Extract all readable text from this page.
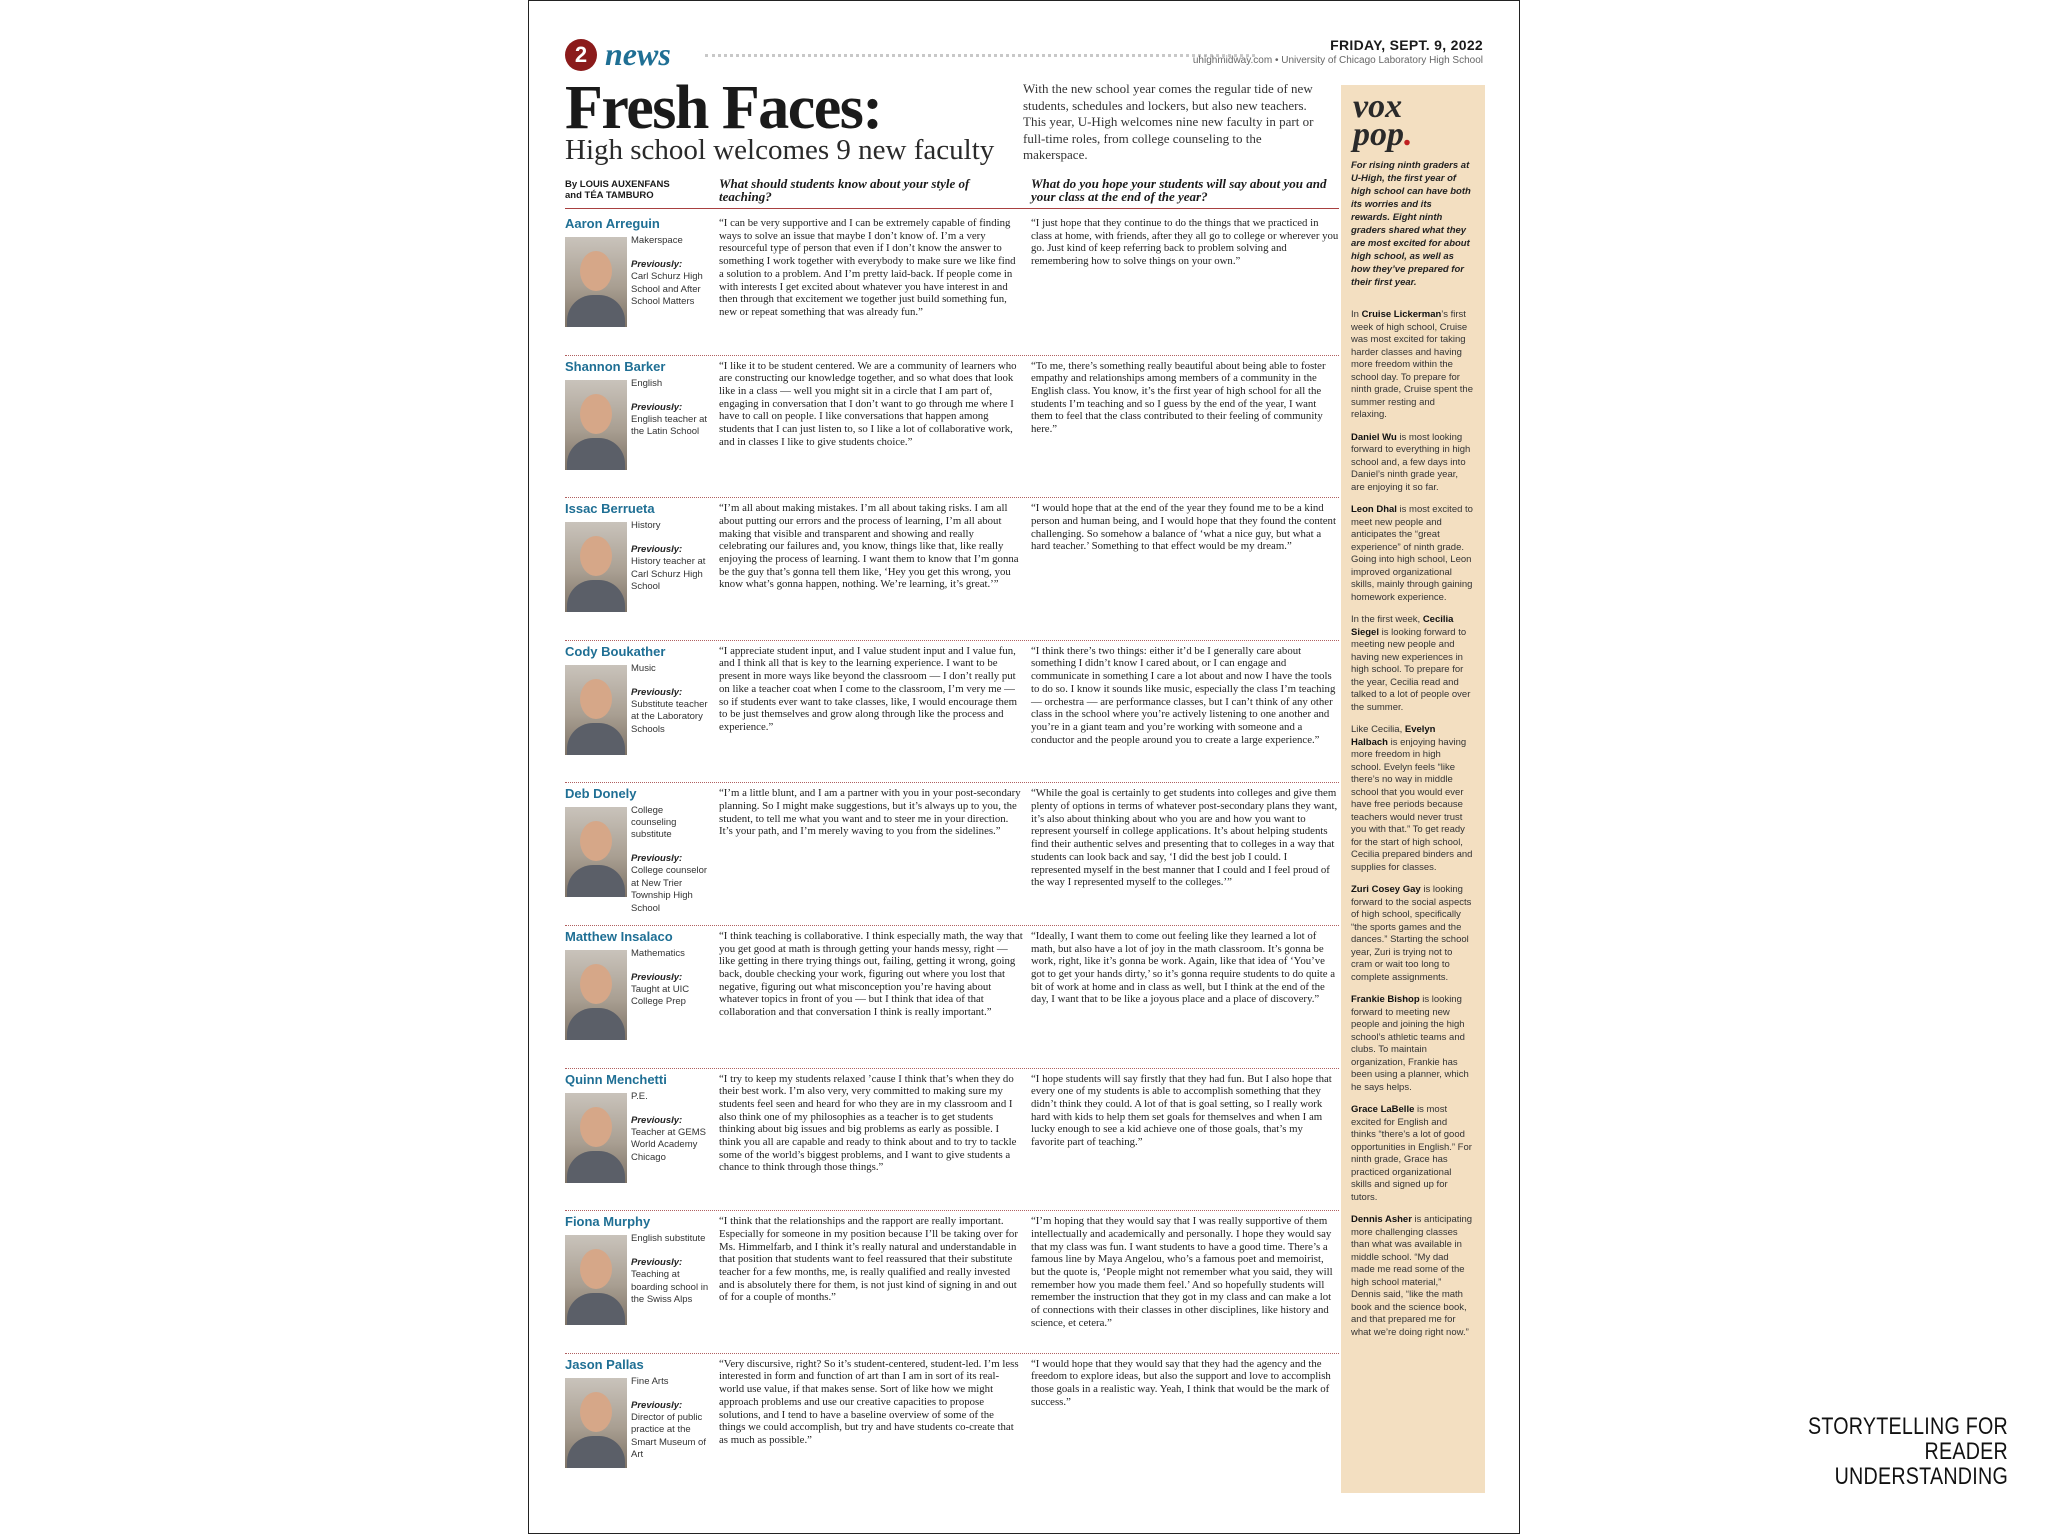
2 news	FRIDAY, SEPT. 9, 2022
uhighmidway.com • University of Chicago Laboratory High School
Fresh Faces:
High school welcomes 9 new faculty
With the new school year comes the regular tide of new students, schedules and lockers, but also new teachers. This year, U-High welcomes nine new faculty in part or full-time roles, from college counseling to the makerspace.
By LOUIS AUXENFANS
and TÉA TAMBURO
What should students know about your style of teaching?
What do you hope your students will say about you and your class at the end of the year?
Aaron Arreguin
Makerspace
Previously:
Carl Schurz High School and After School Matters
“I can be very supportive and I can be extremely capable of finding ways to solve an issue that maybe I don’t know of. I’m a very resourceful type of person that even if I don’t know the answer to something I work together with everybody to make sure we like find a solution to a problem. And I’m pretty laid-back. If people come in with interests I get excited about whatever you have interest in and then through that excitement we together just build something fun, new or repeat something that was already fun.”
“I just hope that they continue to do the things that we practiced in class at home, with friends, after they all go to college or wherever you go. Just kind of keep referring back to problem solving and remembering how to solve things on your own.”
Shannon Barker
English
Previously:
English teacher at the Latin School
“I like it to be student centered. We are a community of learners who are constructing our knowledge together, and so what does that look like in a class — well you might sit in a circle that I am part of, engaging in conversation that I don’t want to go through me where I have to call on people. I like conversations that happen among students that I can just listen to, so I like a lot of collaborative work, and in classes I like to give students choice.”
“To me, there’s something really beautiful about being able to foster empathy and relationships among members of a community in the English class. You know, it’s the first year of high school for all the students I’m teaching and so I guess by the end of the year, I want them to feel that the class contributed to their feeling of community here.”
Issac Berrueta
History
Previously:
History teacher at Carl Schurz High School
“I’m all about making mistakes. I’m all about taking risks. I am all about putting our errors and the process of learning, I’m all about making that visible and transparent and showing and really celebrating our failures and, you know, things like that, like really enjoying the process of learning. I want them to know that I’m gonna be the guy that’s gonna tell them like, ‘Hey you get this wrong, you know what’s gonna happen, nothing. We’re learning, it’s great.’”
“I would hope that at the end of the year they found me to be a kind person and human being, and I would hope that they found the content challenging. So somehow a balance of ‘what a nice guy, but what a hard teacher.’ Something to that effect would be my dream.”
Cody Boukather
Music
Previously:
Substitute teacher at the Laboratory Schools
“I appreciate student input, and I value student input and I value fun, and I think all that is key to the learning experience. I want to be present in more ways like beyond the classroom — I don’t really put on like a teacher coat when I come to the classroom, I’m very me — so if students ever want to take classes, like, I would encourage them to be just themselves and grow along through like the process and experience.”
“I think there’s two things: either it’d be I generally care about something I didn’t know I cared about, or I can engage and communicate in something I care a lot about and now I have the tools to do so. I know it sounds like music, especially the class I’m teaching — orchestra — are performance classes, but I can’t think of any other class in the school where you’re actively listening to one another and you’re in a giant team and you’re working with someone and a conductor and the people around you to create a large experience.”
Deb Donely
College counseling substitute
Previously:
College counselor at New Trier Township High School
“I’m a little blunt, and I am a partner with you in your post-secondary planning. So I might make suggestions, but it’s always up to you, the student, to tell me what you want and to steer me in your direction. It’s your path, and I’m merely waving to you from the sidelines.”
“While the goal is certainly to get students into colleges and give them plenty of options in terms of whatever post-secondary plans they want, it’s also about thinking about who you are and how you want to represent yourself in college applications. It’s about helping students find their authentic selves and presenting that to colleges in a way that students can look back and say, ‘I did the best job I could. I represented myself in the best manner that I could and I feel proud of the way I represented myself to the colleges.’”
Matthew Insalaco
Mathematics
Previously:
Taught at UIC College Prep
“I think teaching is collaborative. I think especially math, the way that you get good at math is through getting your hands messy, right — like getting in there trying things out, failing, getting it wrong, going back, double checking your work, figuring out where you lost that negative, figuring out what misconception you’re having about whatever topics in front of you — but I think that idea of that collaboration and that conversation I think is really important.”
“Ideally, I want them to come out feeling like they learned a lot of math, but also have a lot of joy in the math classroom. It’s gonna be work, right, like it’s gonna be work. Again, like that idea of ‘You’ve got to get your hands dirty,’ so it’s gonna require students to do quite a bit of work at home and in class as well, but I think at the end of the day, I want that to be like a joyous place and a place of discovery.”
Quinn Menchetti
P.E.
Previously:
Teacher at GEMS World Academy Chicago
“I try to keep my students relaxed ’cause I think that’s when they do their best work. I’m also very, very committed to making sure my students feel seen and heard for who they are in my classroom and I also think one of my philosophies as a teacher is to get students thinking about big issues and big problems as early as possible. I think you all are capable and ready to think about and to try to tackle some of the world’s biggest problems, and I want to give students a chance to think through those things.”
“I hope students will say firstly that they had fun. But I also hope that every one of my students is able to accomplish something that they didn’t think they could. A lot of that is goal setting, so I really work hard with kids to help them set goals for themselves and when I am lucky enough to see a kid achieve one of those goals, that’s my favorite part of teaching.”
Fiona Murphy
English substitute
Previously:
Teaching at boarding school in the Swiss Alps
“I think that the relationships and the rapport are really important. Especially for someone in my position because I’ll be taking over for Ms. Himmelfarb, and I think it’s really natural and understandable in that position that students want to feel reassured that their substitute teacher for a few months, me, is really qualified and really invested and is absolutely there for them, is not just kind of signing in and out of for a couple of months.”
“I’m hoping that they would say that I was really supportive of them intellectually and academically and personally. I hope they would say that my class was fun. I want students to have a good time. There’s a famous line by Maya Angelou, who’s a famous poet and memoirist, but the quote is, ‘People might not remember what you said, they will remember how you made them feel.’ And so hopefully students will remember the instruction that they got in my class and can make a lot of connections with their classes in other disciplines, like history and science, et cetera.”
Jason Pallas
Fine Arts
Previously:
Director of public practice at the Smart Museum of Art
“Very discursive, right? So it’s student-centered, student-led. I’m less interested in form and function of art than I am in sort of its real-world use value, if that makes sense. Sort of like how we might approach problems and use our creative capacities to propose solutions, and I tend to have a baseline overview of some of the things we could accomplish, but try and have students co-create that as much as possible.”
“I would hope that they would say that they had the agency and the freedom to explore ideas, but also the support and love to accomplish those goals in a realistic way. Yeah, I think that would be the mark of success.”
vox
pop.
For rising ninth graders at U-High, the first year of high school can have both its worries and its rewards. Eight ninth graders shared what they are most excited for about high school, as well as how they’ve prepared for their first year.
In Cruise Lickerman’s first week of high school, Cruise was most excited for taking harder classes and having more freedom within the school day. To prepare for ninth grade, Cruise spent the summer resting and relaxing.
Daniel Wu is most looking forward to everything in high school and, a few days into Daniel’s ninth grade year, are enjoying it so far.
Leon Dhal is most excited to meet new people and anticipates the “great experience” of ninth grade. Going into high school, Leon improved organizational skills, mainly through gaining homework experience.
In the first week, Cecilia Siegel is looking forward to meeting new people and having new experiences in high school. To prepare for the year, Cecilia read and talked to a lot of people over the summer.
Like Cecilia, Evelyn Halbach is enjoying having more freedom in high school. Evelyn feels “like there’s no way in middle school that you would ever have free periods because teachers would never trust you with that.” To get ready for the start of high school, Cecilia prepared binders and supplies for classes.
Zuri Cosey Gay is looking forward to the social aspects of high school, specifically “the sports games and the dances.” Starting the school year, Zuri is trying not to cram or wait too long to complete assignments.
Frankie Bishop is looking forward to meeting new people and joining the high school’s athletic teams and clubs. To maintain organization, Frankie has been using a planner, which he says helps.
Grace LaBelle is most excited for English and thinks “there’s a lot of good opportunities in English.” For ninth grade, Grace has practiced organizational skills and signed up for tutors.
Dennis Asher is anticipating more challenging classes than what was available in middle school. “My dad made me read some of the high school material,” Dennis said, “like the math book and the science book, and that prepared me for what we’re doing right now.”
STORYTELLING FOR
READER UNDERSTANDING
